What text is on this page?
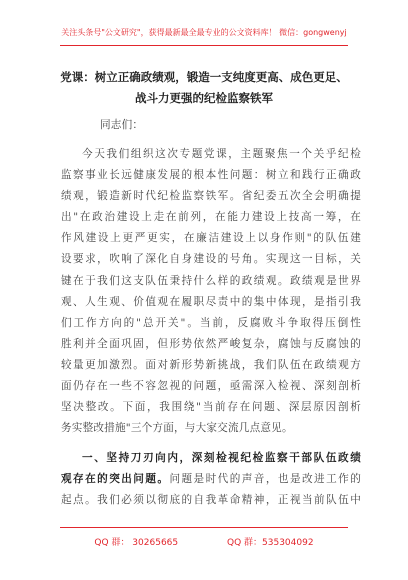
关注头条号"公文研究"，获得最新最全最专业的公文资料库！ 微信：gongwenyj
党课：树立正确政绩观，锻造一支纯度更高、成色更足、
战斗力更强的纪检监察铁军
同志们：
今天我们组织这次专题党课，主题聚焦一个关乎纪检
监察事业长远健康发展的根本性问题：树立和践行正确政
绩观，锻造新时代纪检监察铁军。省纪委五次全会明确提
出"在政治建设上走在前列，在能力建设上技高一筹，在
作风建设上更严更实，在廉洁建设上以身作则"的队伍建
设要求，吹响了深化自身建设的号角。实现这一目标，关
键在于我们这支队伍秉持什么样的政绩观。政绩观是世界
观、人生观、价值观在履职尽责中的集中体现，是指引我
们工作方向的"总开关"。当前，反腐败斗争取得压倒性
胜利并全面巩固，但形势依然严峻复杂，腐蚀与反腐蚀的
较量更加激烈。面对新形势新挑战，我们队伍在政绩观方
面仍存在一些不容忽视的问题，亟需深入检视、深刻剖析
坚决整改。下面，我围绕"当前存在问题、深层原因剖析
务实整改措施"三个方面，与大家交流几点意见。
一、坚持刀刃向内，深刻检视纪检监察干部队伍政绩
观存在的突出问题。问题是时代的声音，也是改进工作的
起点。我们必须以彻底的自我革命精神，正视当前队伍中
QQ 群： 30265665	QQ 群：535304092
